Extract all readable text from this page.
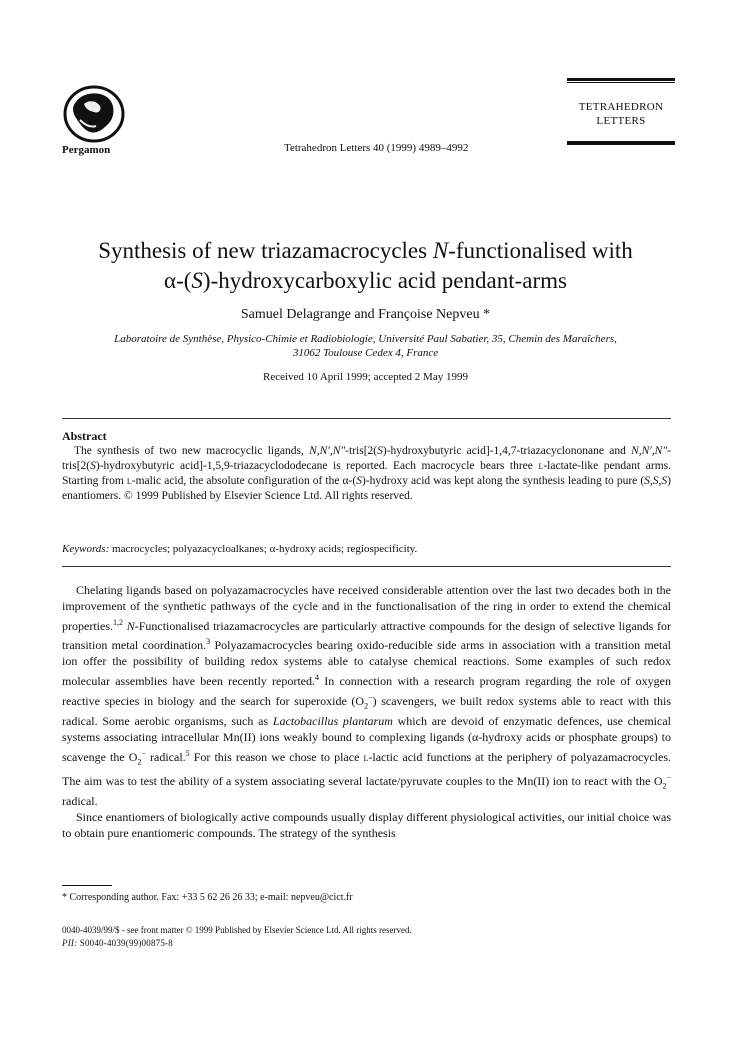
Pergamon	Tetrahedron Letters 40 (1999) 4989–4992
TETRAHEDRON
LETTERS
Synthesis of new triazamacrocycles N-functionalised with
α-(S)-hydroxycarboxylic acid pendant-arms
Samuel Delagrange and Françoise Nepveu *
Laboratoire de Synthèse, Physico-Chimie et Radiobiologie, Université Paul Sabatier, 35, Chemin des Maraîchers,
31062 Toulouse Cedex 4, France
Received 10 April 1999; accepted 2 May 1999
Abstract
The synthesis of two new macrocyclic ligands, N,N′,N″-tris[2(S)-hydroxybutyric acid]-1,4,7-triazacyclononane and N,N′,N″-tris[2(S)-hydroxybutyric acid]-1,5,9-triazacyclododecane is reported. Each macrocycle bears three l-lactate-like pendant arms. Starting from l-malic acid, the absolute configuration of the α-(S)-hydroxy acid was kept along the synthesis leading to pure (S,S,S) enantiomers. © 1999 Published by Elsevier Science Ltd. All rights reserved.
Keywords: macrocycles; polyazacycloalkanes; α-hydroxy acids; regiospecificity.

Chelating ligands based on polyazamacrocycles have received considerable attention over the last two decades both in the improvement of the synthetic pathways of the cycle and in the functionalisation of the ring in order to extend the chemical properties.$^{1,2}$ N-Functionalised triazamacrocycles are particularly attractive compounds for the design of selective ligands for transition metal coordination.$^3$ Polyazamacrocycles bearing oxido-reducible side arms in association with a transition metal ion offer the possibility of building redox systems able to catalyse chemical reactions. Some examples of such redox molecular assemblies have been recently reported.$^4$ In connection with a research program regarding the role of oxygen reactive species in biology and the search for superoxide $(O_2^-)$ scavengers, we built redox systems able to react with this radical. Some aerobic organisms, such as Lactobacillus plantarum which are devoid of enzymatic defences, use chemical systems associating intracellular Mn(II) ions weakly bound to complexing ligands (α-hydroxy acids or phosphate groups) to scavenge the $O_2^-$ radical.$^5$ For this reason we chose to place l-lactic acid functions at the periphery of polyazamacrocycles. The aim was to test the ability of a system associating several lactate/pyruvate couples to the Mn(II) ion to react with the $O_2^-$ radical.

Since enantiomers of biologically active compounds usually display different physiological activities, our initial choice was to obtain pure enantiomeric compounds. The strategy of the synthesis

* Corresponding author. Fax: +33 5 62 26 26 33; e-mail: nepveu@cict.fr
0040-4039/99/$ - see front matter © 1999 Published by Elsevier Science Ltd. All rights reserved.
PII: S0040-4039(99)00875-8
